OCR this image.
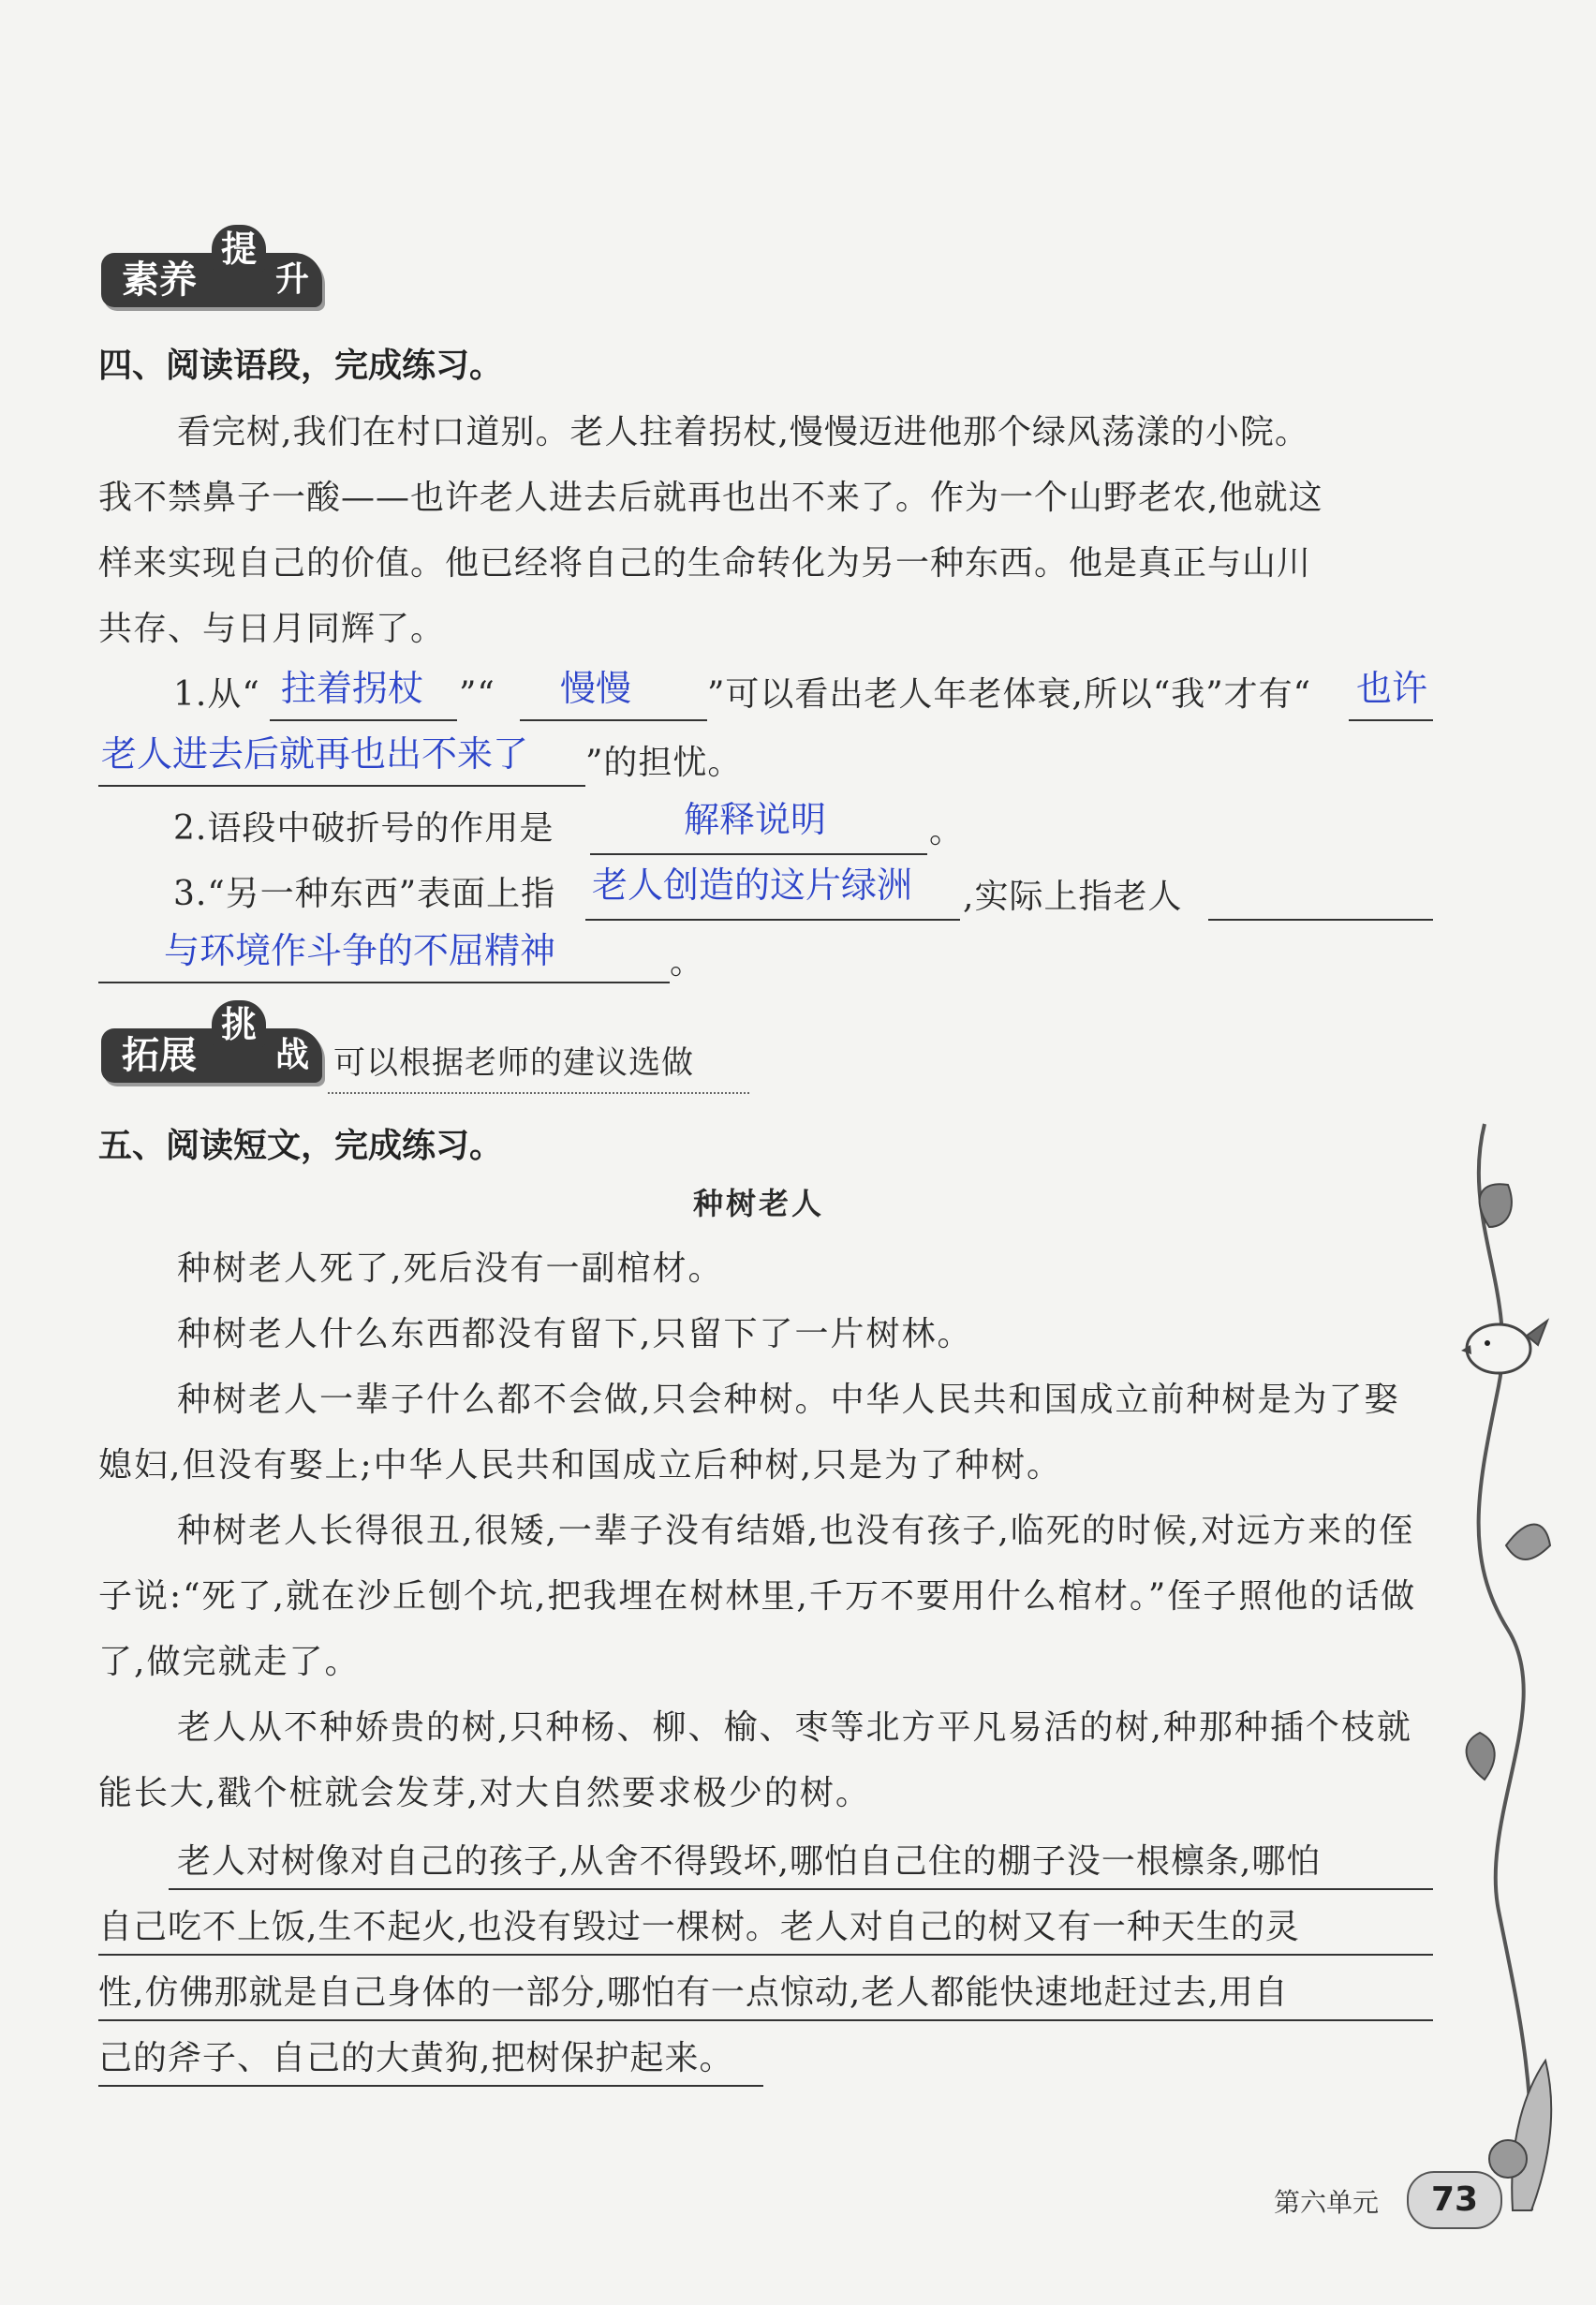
素养
提
升
四、阅读语段，完成练习。
看完树,我们在村口道别。老人拄着拐杖,慢慢迈进他那个绿风荡漾的小院。
我不禁鼻子一酸——也许老人进去后就再也出不来了。作为一个山野老农,他就这
样来实现自己的价值。他已经将自己的生命转化为另一种东西。他是真正与山川
共存、与日月同辉了。
1.从“ 拄着拐杖 ”“ 慢慢 ”可以看出老人年老体衰,所以“我”才有“ 也许
老人进去后就再也出不来了 ”的担忧。
2.语段中破折号的作用是	解释说明	。
3.“另一种东西”表面上指 老人创造的这片绿洲 ,实际上指老人
与环境作斗争的不屈精神	。
拓展
挑
战 可以根据老师的建议选做
五、阅读短文，完成练习。
种树老人

种树老人死了,死后没有一副棺材。

种树老人什么东西都没有留下,只留下了一片树林。

种树老人一辈子什么都不会做,只会种树。中华人民共和国成立前种树是为了娶媳妇,但没有娶上;中华人民共和国成立后种树,只是为了种树。

种树老人长得很丑,很矮,一辈子没有结婚,也没有孩子,临死的时候,对远方来的侄子说:“死了,就在沙丘刨个坑,把我埋在树林里,千万不要用什么棺材。”侄子照他的话做了,做完就走了。

老人从不种娇贵的树,只种杨、柳、榆、枣等北方平凡易活的树,种那种插个枝就能长大,戳个桩就会发芽,对大自然要求极少的树。

老人对树像对自己的孩子,从舍不得毁坏,哪怕自己住的棚子没一根檩条,哪怕
自己吃不上饭,生不起火,也没有毁过一棵树。老人对自己的树又有一种天生的灵
性,仿佛那就是自己身体的一部分,哪怕有一点惊动,老人都能快速地赶过去,用自
己的斧子、自己的大黄狗,把树保护起来。
第六单元	73
